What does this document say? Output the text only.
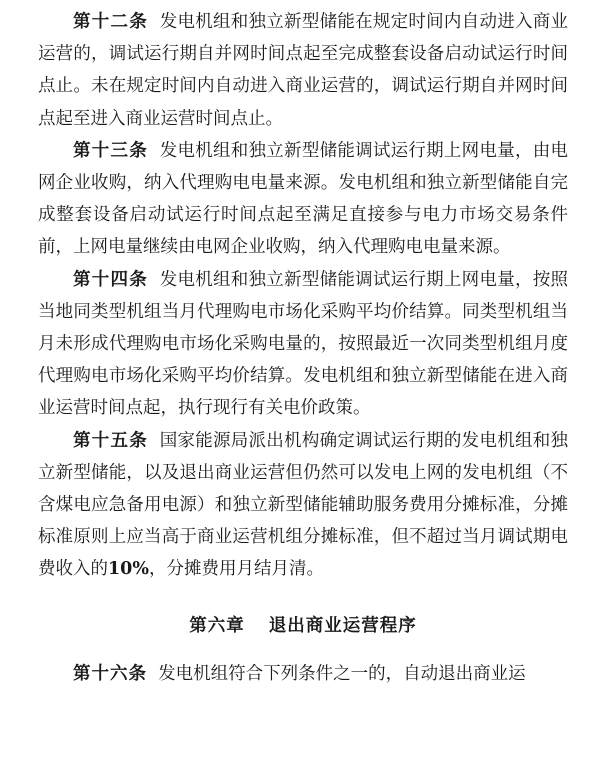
第十二条 发电机组和独立新型储能在规定时间内自动进入商业运营的，调试运行期自并网时间点起至完成整套设备启动试运行时间点止。未在规定时间内自动进入商业运营的，调试运行期自并网时间点起至进入商业运营时间点止。

第十三条 发电机组和独立新型储能调试运行期上网电量，由电网企业收购，纳入代理购电电量来源。发电机组和独立新型储能自完成整套设备启动试运行时间点起至满足直接参与电力市场交易条件前，上网电量继续由电网企业收购，纳入代理购电电量来源。

第十四条 发电机组和独立新型储能调试运行期上网电量，按照当地同类型机组当月代理购电市场化采购平均价结算。同类型机组当月未形成代理购电市场化采购电量的，按照最近一次同类型机组月度代理购电市场化采购平均价结算。发电机组和独立新型储能在进入商业运营时间点起，执行现行有关电价政策。

第十五条 国家能源局派出机构确定调试运行期的发电机组和独立新型储能，以及退出商业运营但仍然可以发电上网的发电机组（不含煤电应急备用电源）和独立新型储能辅助服务费用分摊标准，分摊标准原则上应当高于商业运营机组分摊标准，但不超过当月调试期电费收入的10%，分摊费用月结月清。

第六章 退出商业运营程序

第十六条 发电机组符合下列条件之一的，自动退出商业运
